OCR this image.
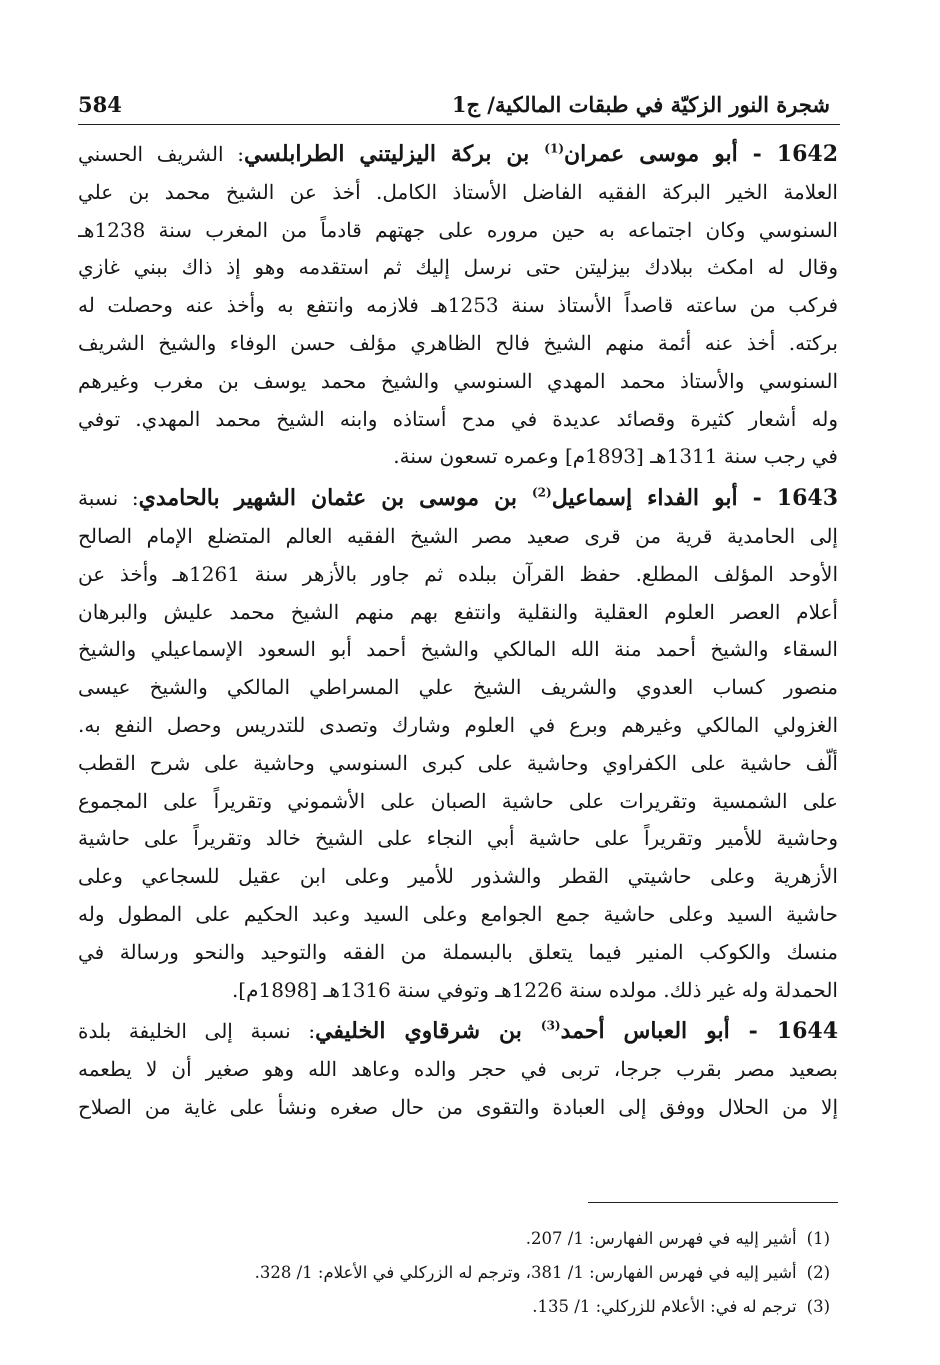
شجرة النور الزكيّة في طبقات المالكية/ ج1
584

1642 - أبو موسى عمران$^{(1)}$ بن بركة اليزليتني الطرابلسي: الشريف الحسني
العلامة الخير البركة الفقيه الفاضل الأستاذ الكامل. أخذ عن الشيخ محمد بن علي
السنوسي وكان اجتماعه به حين مروره على جهتهم قادماً من المغرب سنة 1238هـ
وقال له امكث ببلادك بيزليتن حتى نرسل إليك ثم استقدمه وهو إذ ذاك ببني غازي
فركب من ساعته قاصداً الأستاذ سنة 1253هـ فلازمه وانتفع به وأخذ عنه وحصلت له
بركته. أخذ عنه أئمة منهم الشيخ فالح الظاهري مؤلف حسن الوفاء والشيخ الشريف
السنوسي والأستاذ محمد المهدي السنوسي والشيخ محمد يوسف بن مغرب وغيرهم
وله أشعار كثيرة وقصائد عديدة في مدح أستاذه وابنه الشيخ محمد المهدي. توفي
في رجب سنة 1311هـ [1893م] وعمره تسعون سنة.

1643 - أبو الفداء إسماعيل$^{(2)}$ بن موسى بن عثمان الشهير بالحامدي: نسبة
إلى الحامدية قرية من قرى صعيد مصر الشيخ الفقيه العالم المتضلع الإمام الصالح
الأوحد المؤلف المطلع. حفظ القرآن ببلده ثم جاور بالأزهر سنة 1261هـ وأخذ عن
أعلام العصر العلوم العقلية والنقلية وانتفع بهم منهم الشيخ محمد عليش والبرهان
السقاء والشيخ أحمد منة الله المالكي والشيخ أحمد أبو السعود الإسماعيلي والشيخ
منصور كساب العدوي والشريف الشيخ علي المسراطي المالكي والشيخ عيسى
الغزولي المالكي وغيرهم وبرع في العلوم وشارك وتصدى للتدريس وحصل النفع به.
ألّف حاشية على الكفراوي وحاشية على كبرى السنوسي وحاشية على شرح القطب
على الشمسية وتقريرات على حاشية الصبان على الأشموني وتقريراً على المجموع
وحاشية للأمير وتقريراً على حاشية أبي النجاء على الشيخ خالد وتقريراً على حاشية
الأزهرية وعلى حاشيتي القطر والشذور للأمير وعلى ابن عقيل للسجاعي وعلى
حاشية السيد وعلى حاشية جمع الجوامع وعلى السيد وعبد الحكيم على المطول وله
منسك والكوكب المنير فيما يتعلق بالبسملة من الفقه والتوحيد والنحو ورسالة في
الحمدلة وله غير ذلك. مولده سنة 1226هـ وتوفي سنة 1316هـ [1898م].

1644 - أبو العباس أحمد$^{(3)}$ بن شرقاوي الخليفي: نسبة إلى الخليفة بلدة
بصعيد مصر بقرب جرجا، تربى في حجر والده وعاهد الله وهو صغير أن لا يطعمه
إلا من الحلال ووفق إلى العبادة والتقوى من حال صغره ونشأ على غاية من الصلاح

(1)أشير إليه في فهرس الفهارس: 1/ 207.
(2)أشير إليه في فهرس الفهارس: 1/ 381، وترجم له الزركلي في الأعلام: 1/ 328.
(3)ترجم له في: الأعلام للزركلي: 1/ 135.
